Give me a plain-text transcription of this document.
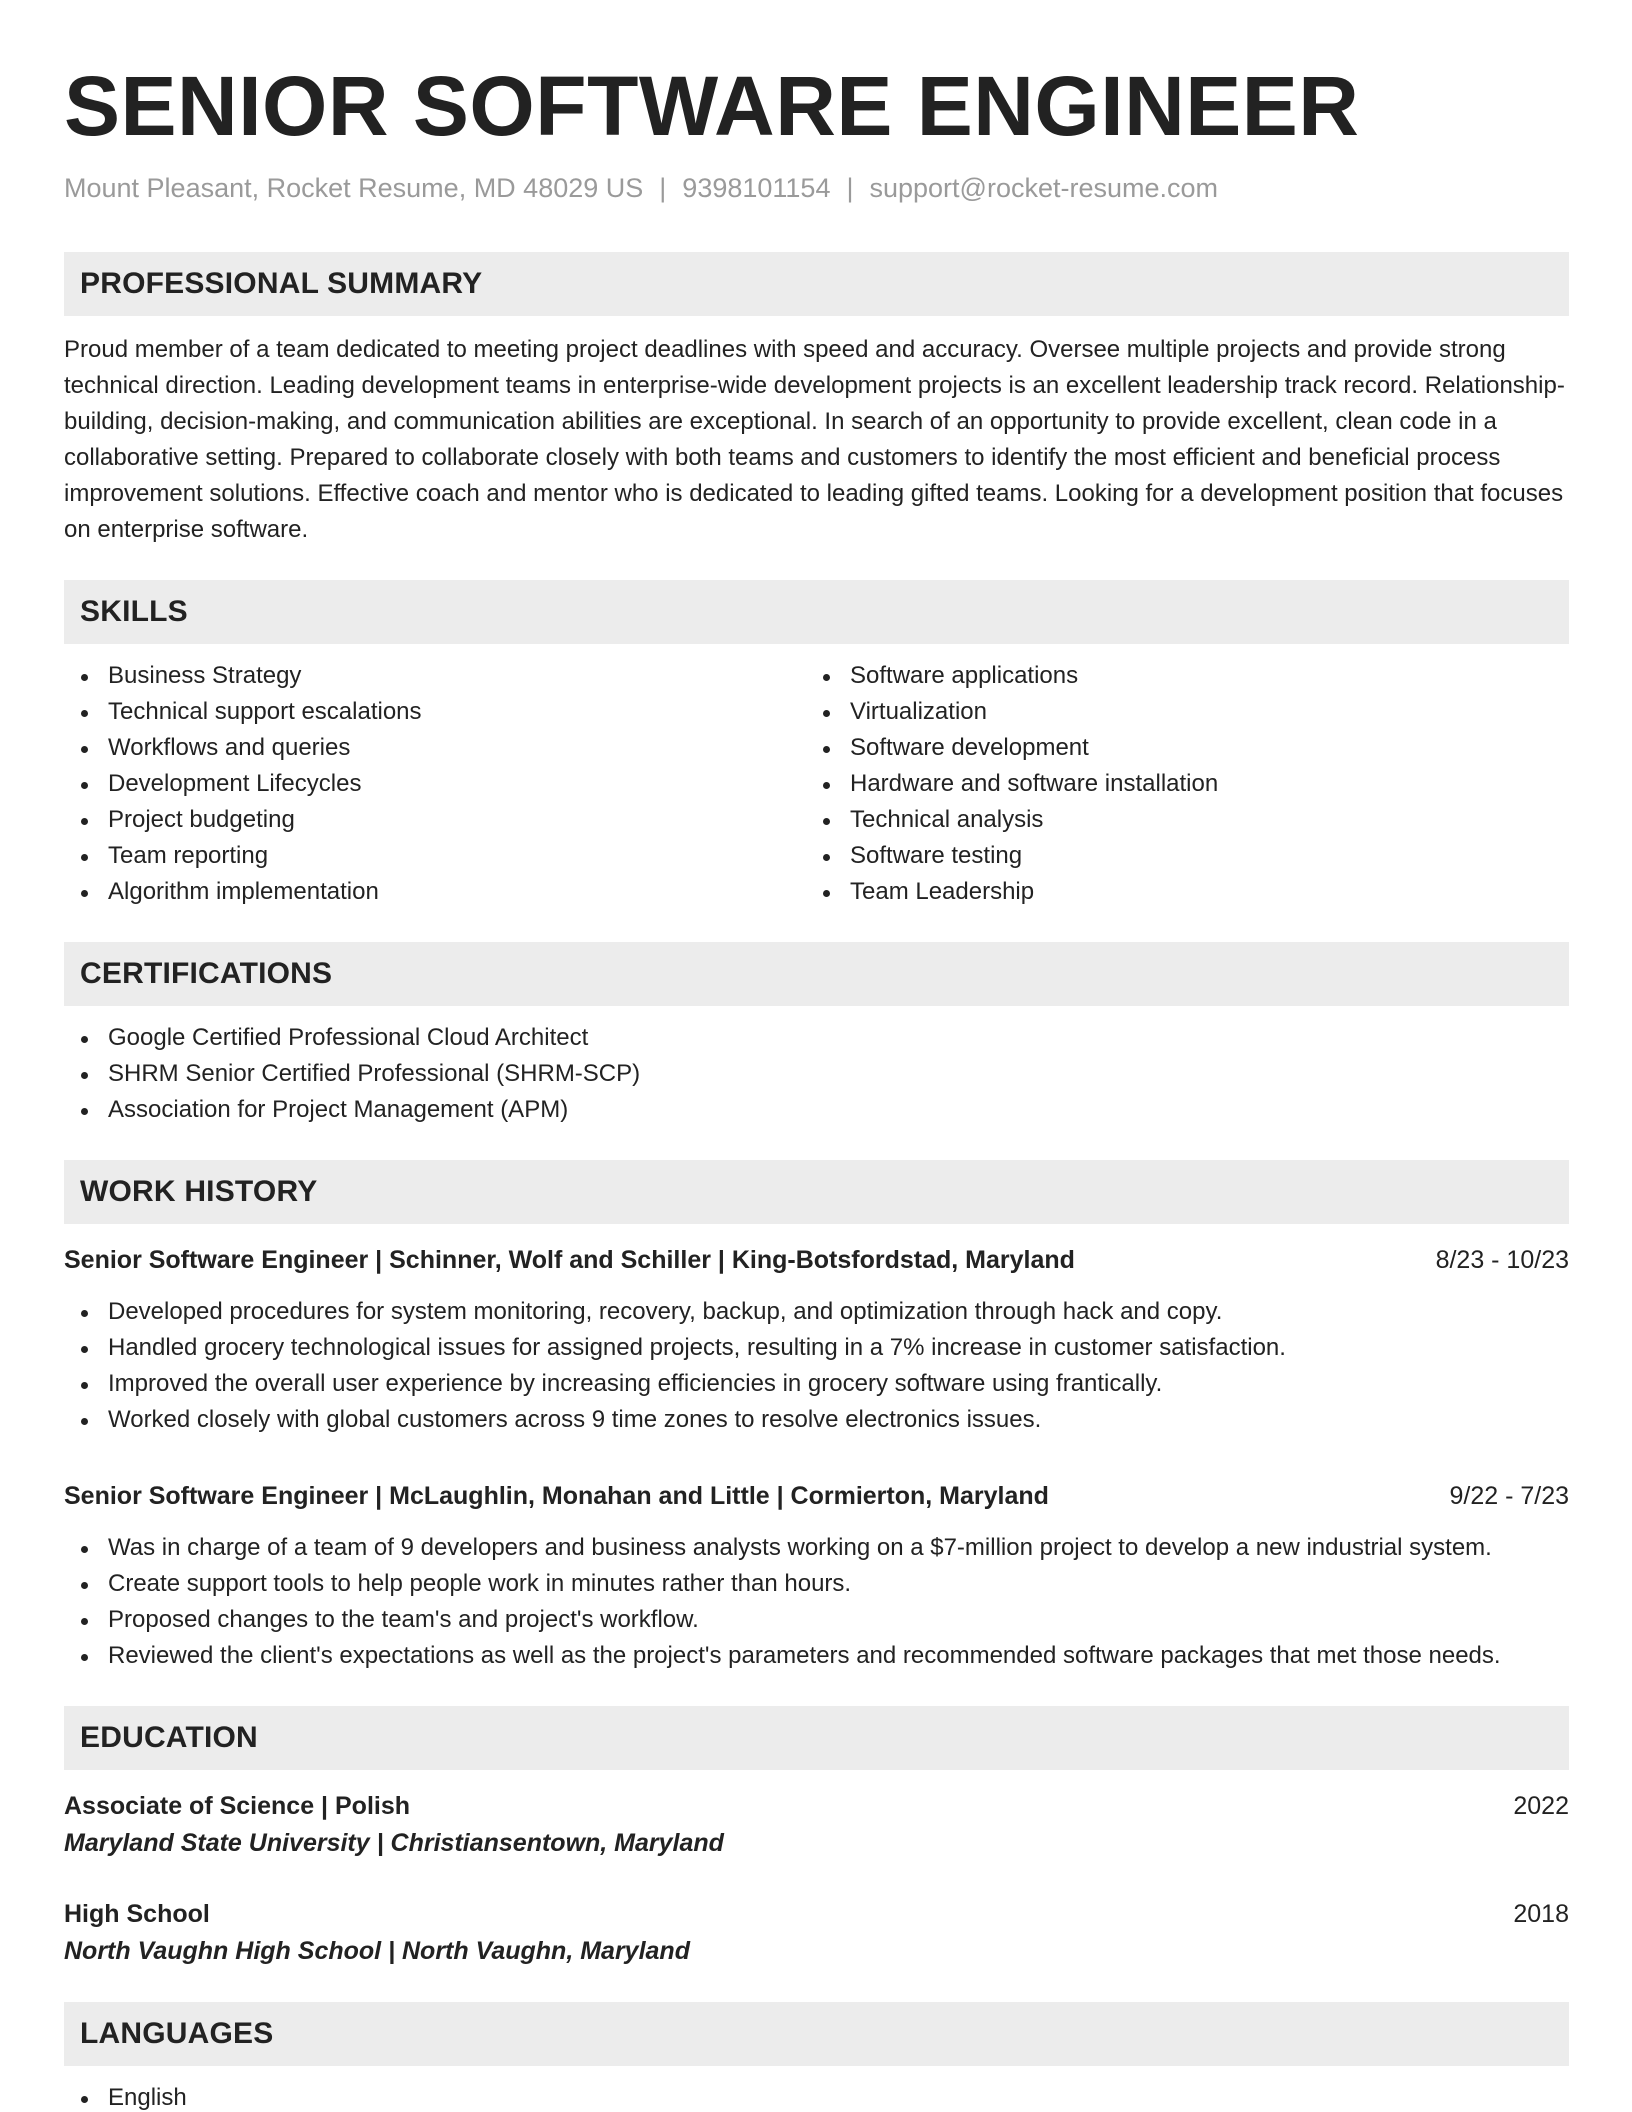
SENIOR SOFTWARE ENGINEER
Mount Pleasant, Rocket Resume, MD 48029 US | 9398101154 | support@rocket-resume.com
PROFESSIONAL SUMMARY

Proud member of a team dedicated to meeting project deadlines with speed and accuracy. Oversee multiple projects and provide strong technical direction. Leading development teams in enterprise-wide development projects is an excellent leadership track record. Relationship-building, decision-making, and communication abilities are exceptional. In search of an opportunity to provide excellent, clean code in a collaborative setting. Prepared to collaborate closely with both teams and customers to identify the most efficient and beneficial process improvement solutions. Effective coach and mentor who is dedicated to leading gifted teams. Looking for a development position that focuses on enterprise software.

SKILLS
Business Strategy
Technical support escalations
Workflows and queries
Development Lifecycles
Project budgeting
Team reporting
Algorithm implementation
Software applications
Virtualization
Software development
Hardware and software installation
Technical analysis
Software testing
Team Leadership
CERTIFICATIONS
Google Certified Professional Cloud Architect
SHRM Senior Certified Professional (SHRM-SCP)
Association for Project Management (APM)
WORK HISTORY
Senior Software Engineer | Schinner, Wolf and Schiller | King-Botsfordstad, Maryland	8/23 - 10/23
Developed procedures for system monitoring, recovery, backup, and optimization through hack and copy.
Handled grocery technological issues for assigned projects, resulting in a 7% increase in customer satisfaction.
Improved the overall user experience by increasing efficiencies in grocery software using frantically.
Worked closely with global customers across 9 time zones to resolve electronics issues.
Senior Software Engineer | McLaughlin, Monahan and Little | Cormierton, Maryland	9/22 - 7/23
Was in charge of a team of 9 developers and business analysts working on a $7-million project to develop a new industrial system.
Create support tools to help people work in minutes rather than hours.
Proposed changes to the team's and project's workflow.
Reviewed the client's expectations as well as the project's parameters and recommended software packages that met those needs.
EDUCATION
Associate of Science | Polish	2022
Maryland State University | Christiansentown, Maryland
High School	2018
North Vaughn High School | North Vaughn, Maryland
LANGUAGES
English
